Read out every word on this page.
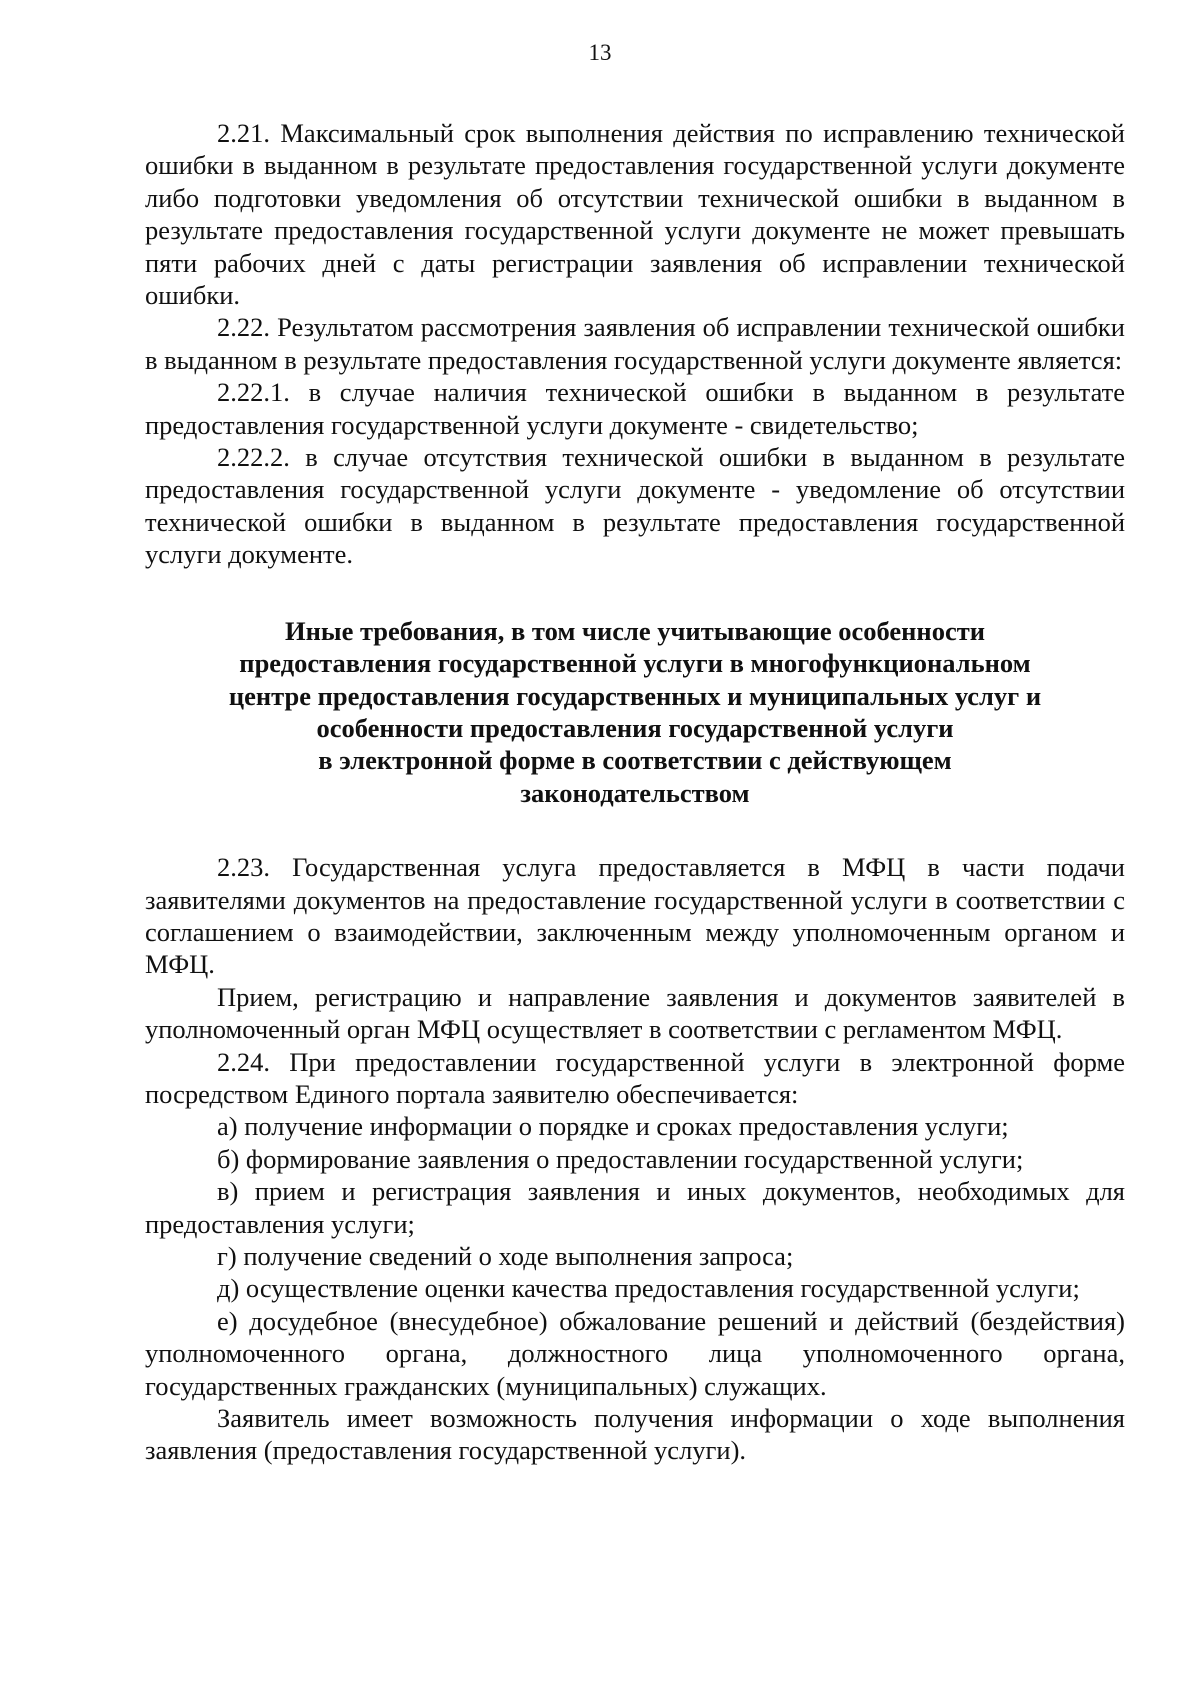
13

2.21. Максимальный срок выполнения действия по исправлению технической ошибки в выданном в результате предоставления государственной услуги документе либо подготовки уведомления об отсутствии технической ошибки в выданном в результате предоставления государственной услуги документе не может превышать пяти рабочих дней с даты регистрации заявления об исправлении технической ошибки.

2.22. Результатом рассмотрения заявления об исправлении технической ошибки в выданном в результате предоставления государственной услуги документе является:

2.22.1. в случае наличия технической ошибки в выданном в результате предоставления государственной услуги документе - свидетельство;

2.22.2. в случае отсутствия технической ошибки в выданном в результате предоставления государственной услуги документе - уведомление об отсутствии технической ошибки в выданном в результате предоставления государственной услуги документе.

Иные требования, в том числе учитывающие особенности
предоставления государственной услуги в многофункциональном
центре предоставления государственных и муниципальных услуг и
особенности предоставления государственной услуги
в электронной форме в соответствии с действующем
законодательством

2.23. Государственная услуга предоставляется в МФЦ в части подачи заявителями документов на предоставление государственной услуги в соответствии с соглашением о взаимодействии, заключенным между уполномоченным органом и МФЦ.

Прием, регистрацию и направление заявления и документов заявителей в уполномоченный орган МФЦ осуществляет в соответствии с регламентом МФЦ.

2.24. При предоставлении государственной услуги в электронной форме посредством Единого портала заявителю обеспечивается:

а) получение информации о порядке и сроках предоставления услуги;

б) формирование заявления о предоставлении государственной услуги;

в) прием и регистрация заявления и иных документов, необходимых для предоставления услуги;

г) получение сведений о ходе выполнения запроса;

д) осуществление оценки качества предоставления государственной услуги;

е) досудебное (внесудебное) обжалование решений и действий (бездействия) уполномоченного органа, должностного лица уполномоченного органа, государственных гражданских (муниципальных) служащих.

Заявитель имеет возможность получения информации о ходе выполнения заявления (предоставления государственной услуги).
